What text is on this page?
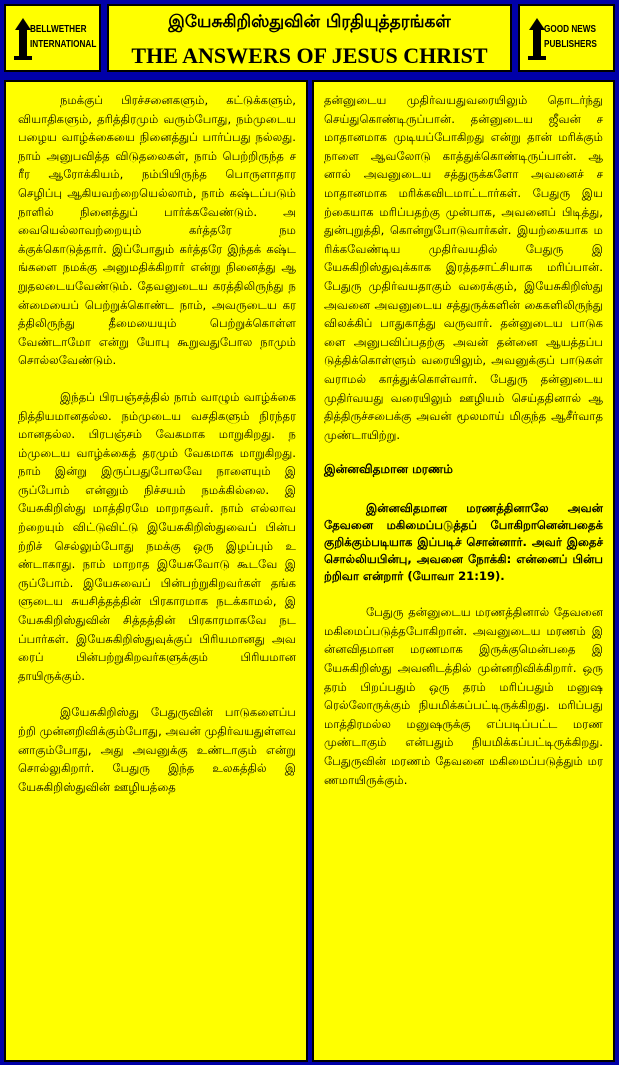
BELLWETHER
INTERNATIONAL
இயேசுகிறிஸ்துவின் பிரதியுத்தரங்கள்
THE ANSWERS OF JESUS CHRIST
GOOD NEWS
PUBLISHERS

நமக்குப் பிரச்சனைகளும், கட்டுக்களும், வியாதிகளும், தரித்திரமும் வரும்போது, நம்முடைய பழைய வாழ்க்கையை நினைத்துப் பார்ப்பது நல்லது. நாம் அனுபவித்த விடுதலைகள், நாம் பெற்றிருந்த சரீர ஆரோக்கியம், நம்பியிருந்த பொருளாதார செழிப்பு ஆகியவற்றையெல்லாம், நாம் கஷ்டப்படும் நாளில் நினைத்துப் பார்க்கவேண்டும். அவையெல்லாவற்றையும் கர்த்தரே நமக்குக்கொடுத்தார். இப்போதும் கர்த்தரே இந்தக் கஷ்டங்களை நமக்கு அனுமதிக்கிறார் என்று நினைத்து ஆறுதலடையவேண்டும். தேவனுடைய கரத்திலிருந்து நன்மையைப் பெற்றுக்கொண்ட நாம், அவருடைய கரத்திலிருந்து தீமையையும் பெற்றுக்கொள்ளவேண்டாமோ என்று யோபு கூறுவதுபோல நாமும் சொல்லவேண்டும்.

இந்தப் பிரபஞ்சத்தில் நாம் வாழும் வாழ்க்கை நித்தியமானதல்ல. நம்முடைய வசதிகளும் நிரந்தரமானதல்ல. பிரபஞ்சம் வேகமாக மாறுகிறது. நம்முடைய வாழ்க்கைத் தரமும் வேகமாக மாறுகிறது. நாம் இன்று இருப்பதுபோலவே நாளையும் இருப்போம் என்னும் நிச்சயம் நமக்கில்லை. இயேசுகிறிஸ்து மாத்திரமே மாறாதவர். நாம் எல்லாவற்றையும் விட்டுவிட்டு இயேசுகிறிஸ்துவைப் பின்பற்றிச் செல்லும்போது நமக்கு ஒரு இழப்பும் உண்டாகாது. நாம் மாறாத இயேசுவோடு கூடவே இருப்போம். இயேசுவைப் பின்பற்றுகிறவர்கள் தங்களுடைய சுயசித்தத்தின் பிரகாரமாக நடக்காமல், இயேசுகிறிஸ்துவின் சித்தத்தின் பிரகாரமாகவே நடப்பார்கள். இயேசுகிறிஸ்துவுக்குப் பிரியமானது அவரைப் பின்பற்றுகிறவர்களுக்கும் பிரியமானதாயிருக்கும்.

இயேசுகிறிஸ்து பேதுருவின் பாடுகளைப்பற்றி முன்னறிவிக்கும்போது, அவன் முதிர்வயதுள்ளவனாகும்போது, அது அவனுக்கு உண்டாகும் என்று சொல்லுகிறார். பேதுரு இந்த உலகத்தில் இயேசுகிறிஸ்துவின் ஊழியத்தை

தன்னுடைய முதிர்வயதுவரையிலும் தொடர்ந்து செய்துகொண்டிருப்பான். தன்னுடைய ஜீவன் சமாதானமாக முடியப்போகிறது என்று தான் மரிக்கும் நாளை ஆவலோடு காத்துக்கொண்டிருப்பான். ஆனால் அவனுடைய சத்துருக்களோ அவனைச் சமாதானமாக மரிக்கவிடமாட்டார்கள். பேதுரு இயற்கையாக மரிப்பதற்கு முன்பாக, அவனைப் பிடித்து, துன்புறுத்தி, கொன்றுபோடுவார்கள். இயற்கையாக மரிக்கவேண்டிய முதிர்வயதில் பேதுரு இயேசுகிறிஸ்துவுக்காக இரத்தசாட்சியாக மரிப்பான். பேதுரு முதிர்வயதாகும் வரைக்கும், இயேசுகிறிஸ்து அவனை அவனுடைய சத்துருக்களின் கைகளிலிருந்து விலக்கிப் பாதுகாத்து வருவார். தன்னுடைய பாடுகளை அனுபவிப்பதற்கு அவன் தன்னை ஆயத்தப்படுத்திக்கொள்ளும் வரையிலும், அவனுக்குப் பாடுகள் வராமல் காத்துக்கொள்வார். பேதுரு தன்னுடைய முதிர்வயது வரையிலும் ஊழியம் செய்ததினால் ஆதித்திருச்சபைக்கு அவன் மூலமாய் மிகுந்த ஆசீர்வாதமுண்டாயிற்று.

இன்னவிதமான மரணம்

இன்னவிதமான மரணத்தினாலே அவன் தேவனை மகிமைப்படுத்தப் போகிறானென்பதைக் குறிக்கும்படியாக இப்படிச் சொன்னார். அவர் இதைச் சொல்லியபின்பு, அவனை நோக்கி: என்னைப் பின்பற்றிவா என்றார் (யோவா 21:19).

பேதுரு தன்னுடைய மரணத்தினால் தேவனை மகிமைப்படுத்தபோகிறான். அவனுடைய மரணம் இன்னவிதமான மரணமாக இருக்குமென்பதை இயேசுகிறிஸ்து அவனிடத்தில் முன்னறிவிக்கிறார். ஒரு தரம் பிறப்பதும் ஒரு தரம் மரிப்பதும் மனுஷரெல்லோருக்கும் நியமிக்கப்பட்டிருக்கிறது. மரிப்பது மாத்திரமல்ல மனுஷருக்கு எப்படிப்பட்ட மரணமுண்டாகும் என்பதும் நியமிக்கப்பட்டிருக்கிறது. பேதுருவின் மரணம் தேவனை மகிமைப்படுத்தும் மரணமாயிருக்கும்.
